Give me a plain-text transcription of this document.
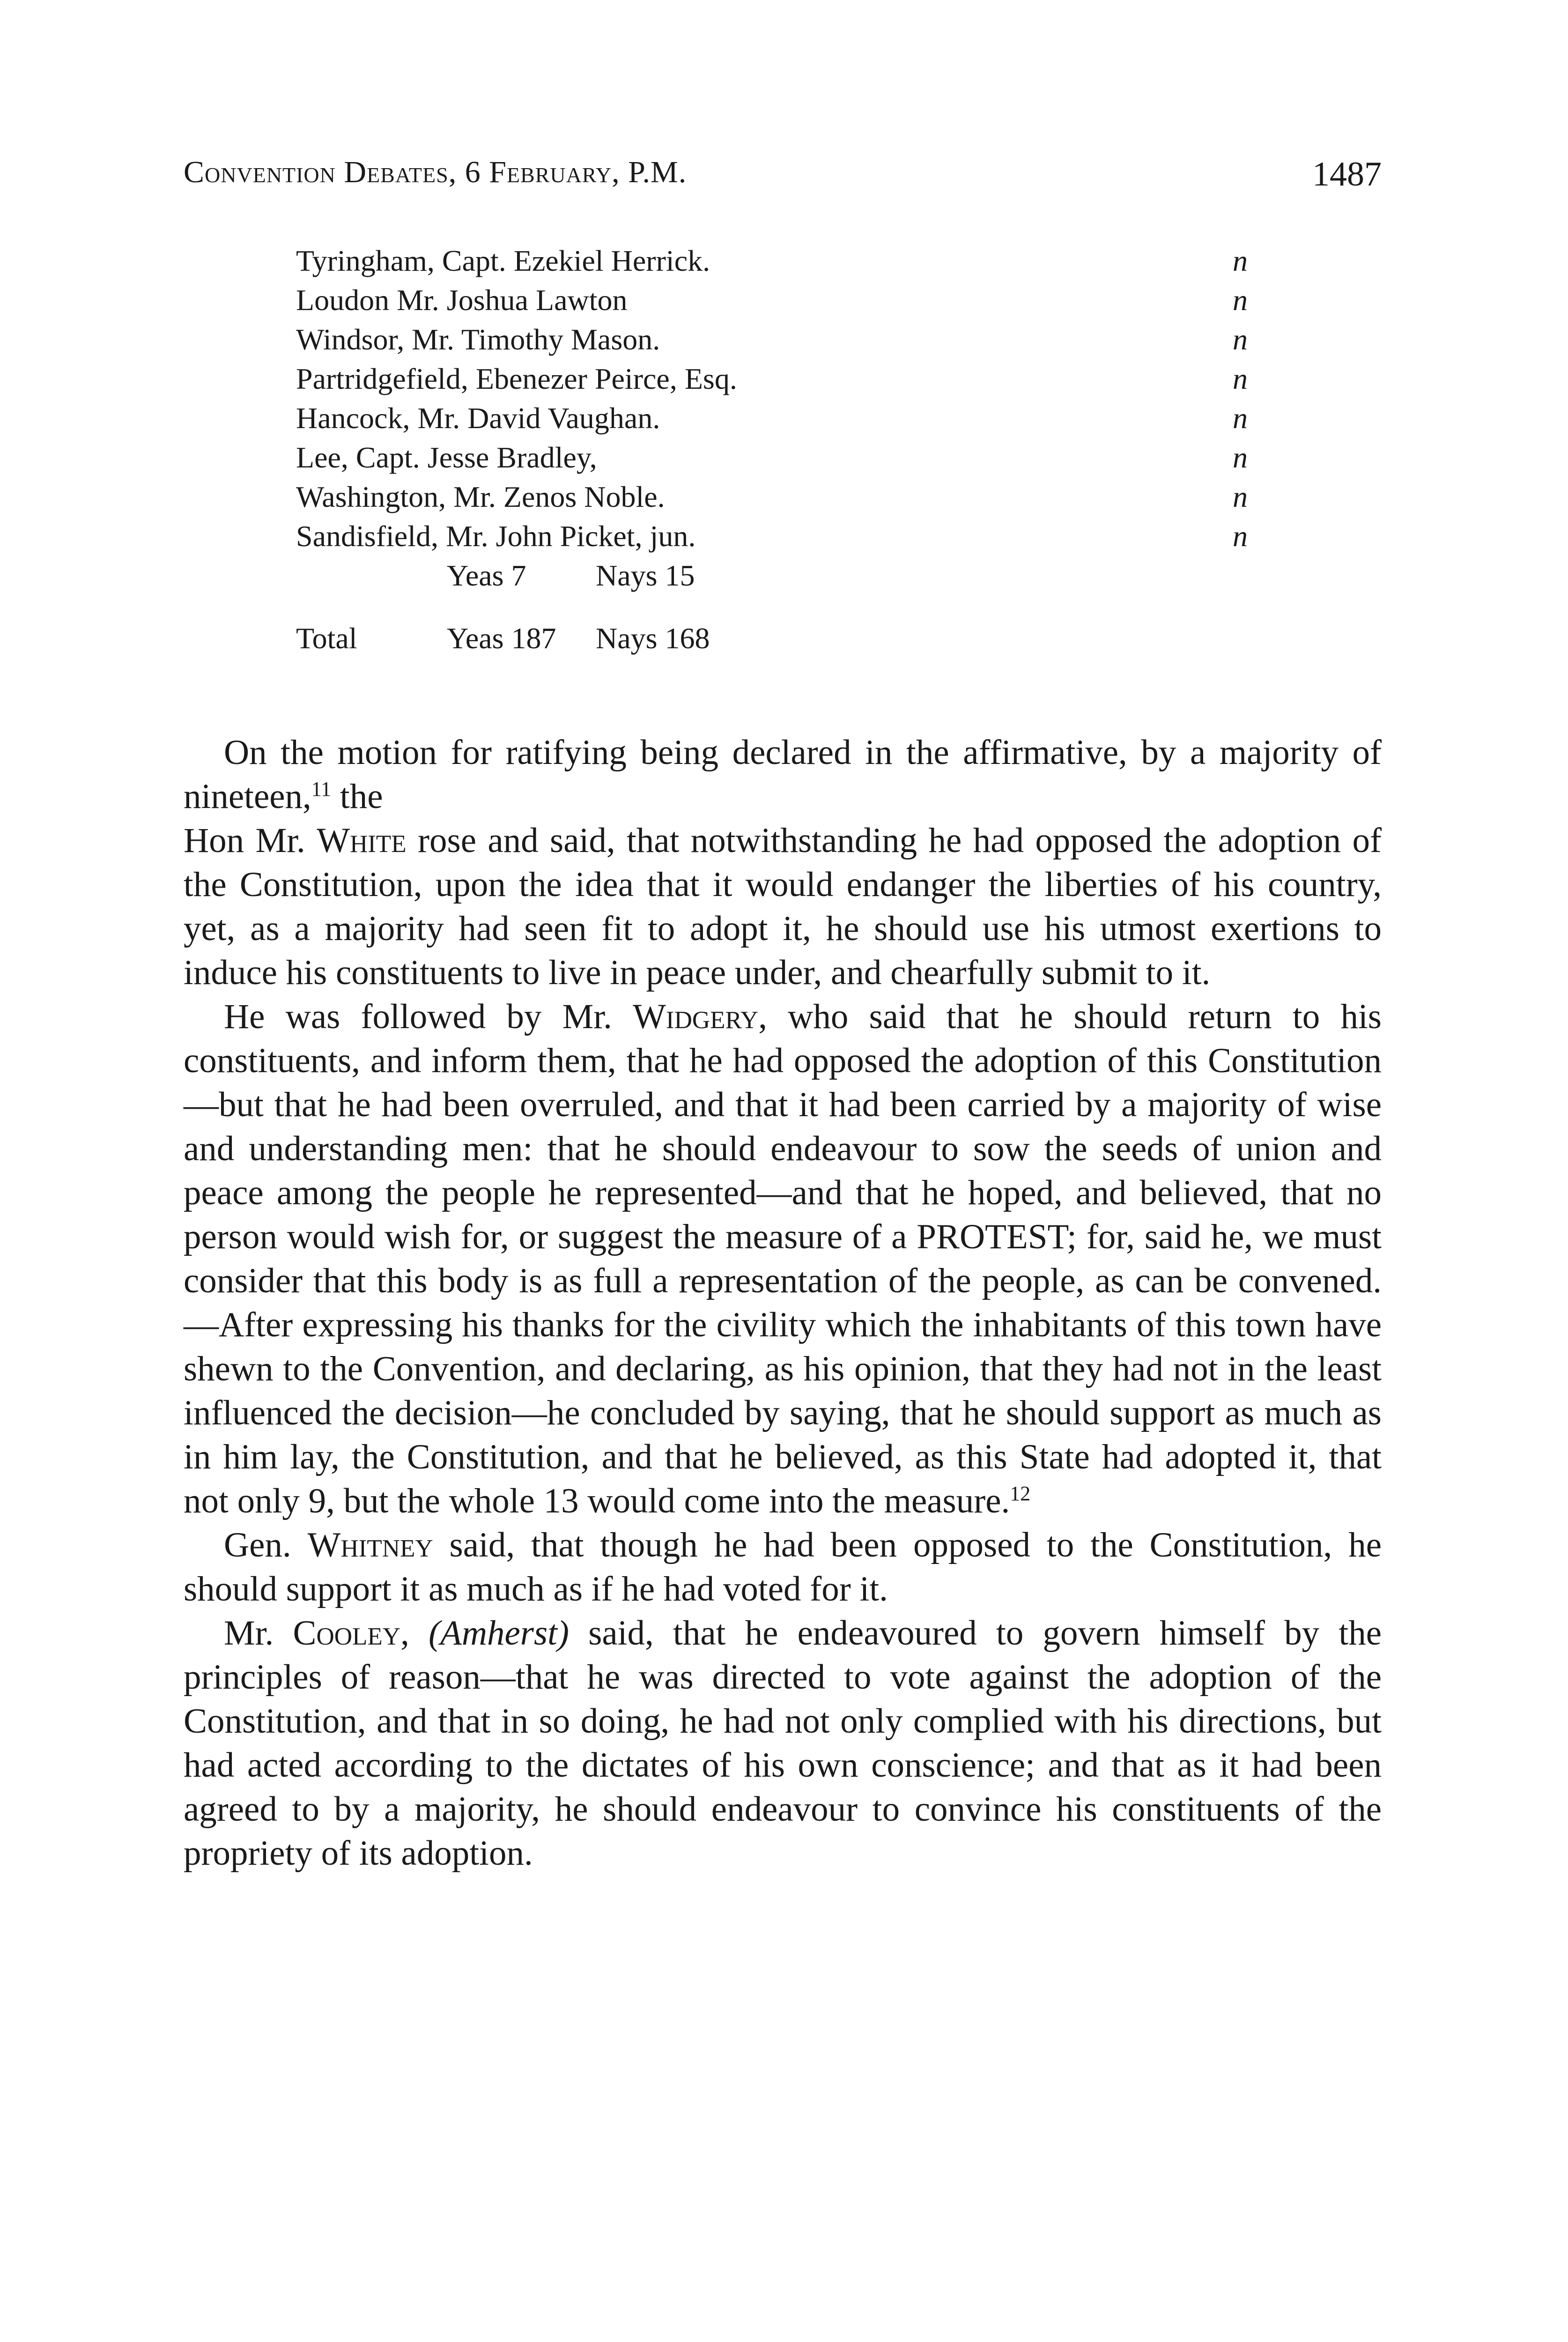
Convention Debates, 6 February, P.M.	1487
Tyringham, Capt. Ezekiel Herrick.	n
Loudon Mr. Joshua Lawton	n
Windsor, Mr. Timothy Mason.	n
Partridgefield, Ebenezer Peirce, Esq.	n
Hancock, Mr. David Vaughan.	n
Lee, Capt. Jesse Bradley,	n
Washington, Mr. Zenos Noble.	n
Sandisfield, Mr. John Picket, jun.	n
Yeas 7 Nays 15
Total	Yeas 187 Nays 168

On the motion for ratifying being declared in the affirmative, by a majority of nineteen,$^{11}$ the

Hon Mr. White rose and said, that notwithstanding he had opposed the adoption of the Constitution, upon the idea that it would endanger the liberties of his country, yet, as a majority had seen fit to adopt it, he should use his utmost exertions to induce his constituents to live in peace under, and chearfully submit to it.

He was followed by Mr. Widgery, who said that he should return to his constituents, and inform them, that he had opposed the adoption of this Constitution—but that he had been overruled, and that it had been carried by a majority of wise and understanding men: that he should endeavour to sow the seeds of union and peace among the people he represented—and that he hoped, and believed, that no person would wish for, or suggest the measure of a PROTEST; for, said he, we must consider that this body is as full a representation of the people, as can be convened.—After expressing his thanks for the civility which the inhabitants of this town have shewn to the Convention, and declaring, as his opinion, that they had not in the least influenced the decision—he concluded by saying, that he should support as much as in him lay, the Constitution, and that he believed, as this State had adopted it, that not only 9, but the whole 13 would come into the measure.$^{12}$

Gen. Whitney said, that though he had been opposed to the Constitution, he should support it as much as if he had voted for it.

Mr. Cooley, (Amherst) said, that he endeavoured to govern himself by the principles of reason—that he was directed to vote against the adoption of the Constitution, and that in so doing, he had not only complied with his directions, but had acted according to the dictates of his own conscience; and that as it had been agreed to by a majority, he should endeavour to convince his constituents of the propriety of its adoption.
